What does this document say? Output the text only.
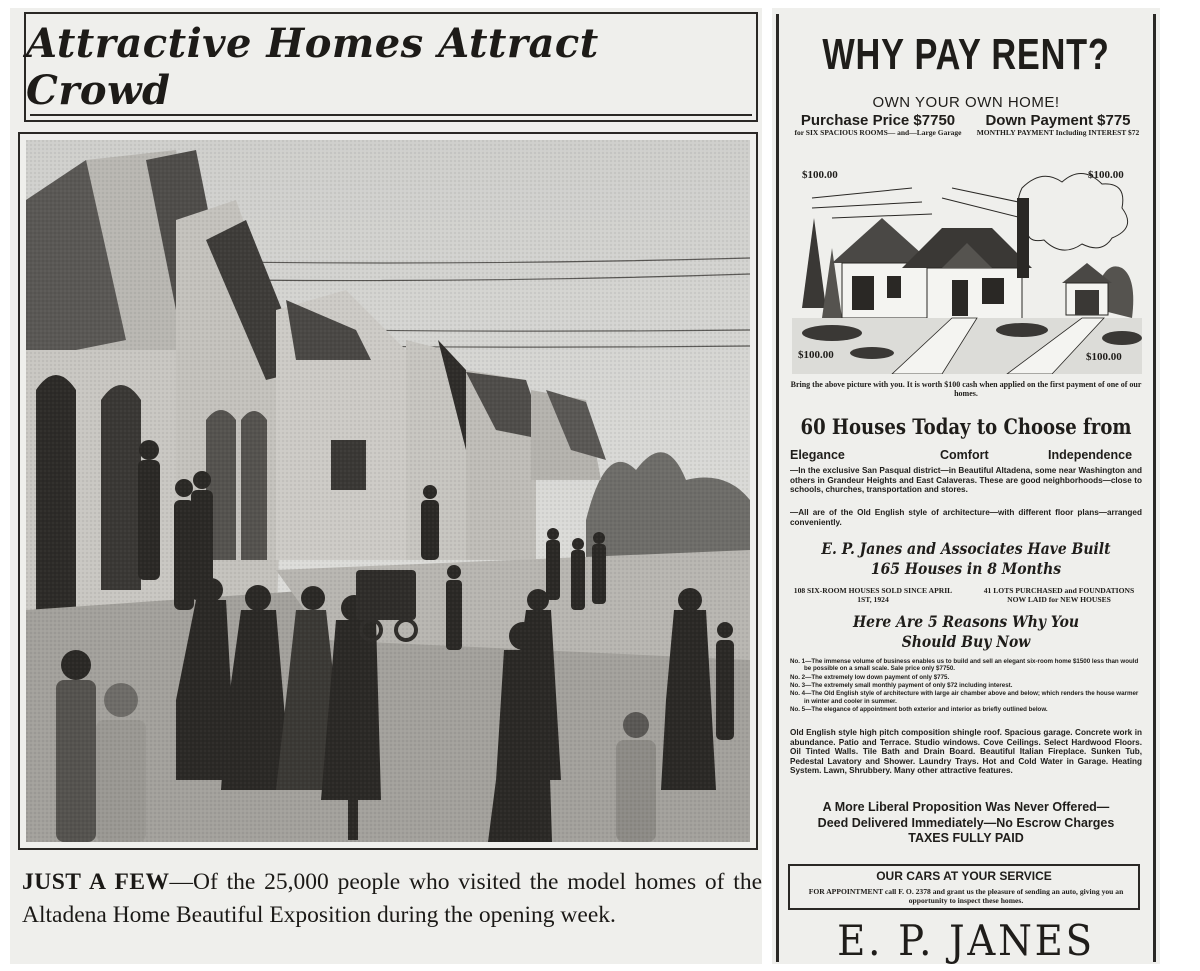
Attractive Homes Attract Crowd
JUST A FEW—Of the 25,000 people who visited the model homes of the Altadena Home Beautiful Exposition during the opening week.
WHY PAY RENT?
OWN YOUR OWN HOME!
Purchase Price $7750
for SIX SPACIOUS ROOMS— and—Large Garage
Down Payment $775
MONTHLY PAYMENT Including INTEREST $72
$100.00	$100.00
$100.00	$100.00
Bring the above picture with you. It is worth $100 cash when applied on the first payment of one of our homes.
60 Houses Today to Choose from
Elegance	Comfort	Independence
—In the exclusive San Pasqual district—in Beautiful Altadena, some near Washington and others in Grandeur Heights and East Calaveras. These are good neighborhoods—close to schools, churches, transportation and stores.
—All are of the Old English style of architecture—with different floor plans—arranged conveniently.
E. P. Janes and Associates Have Built
165 Houses in 8 Months
108 SIX-ROOM HOUSES SOLD SINCE APRIL 1ST, 1924
41 LOTS PURCHASED and FOUNDATIONS NOW LAID for NEW HOUSES
Here Are 5 Reasons Why You
Should Buy Now
No. 1—The immense volume of business enables us to build and sell an elegant six-room home $1500 less than would be possible on a small scale. Sale price only $7750.
No. 2—The extremely low down payment of only $775.
No. 3—The extremely small monthly payment of only $72 including interest.
No. 4—The Old English style of architecture with large air chamber above and below; which renders the house warmer in winter and cooler in summer.
No. 5—The elegance of appointment both exterior and interior as briefly outlined below.
Old English style high pitch composition shingle roof. Spacious garage. Concrete work in abundance. Patio and Terrace. Studio windows. Cove Ceilings. Select Hardwood Floors. Oil Tinted Walls. Tile Bath and Drain Board. Beautiful Italian Fireplace. Sunken Tub, Pedestal Lavatory and Shower. Laundry Trays. Hot and Cold Water in Garage. Heating System. Lawn, Shrubbery. Many other attractive features.
A More Liberal Proposition Was Never Offered—
Deed Delivered Immediately—No Escrow Charges
TAXES FULLY PAID
OUR CARS AT YOUR SERVICE
FOR APPOINTMENT call F. O. 2378 and grant us the pleasure of sending an auto, giving you an opportunity to inspect these homes.
E. P. JANES
